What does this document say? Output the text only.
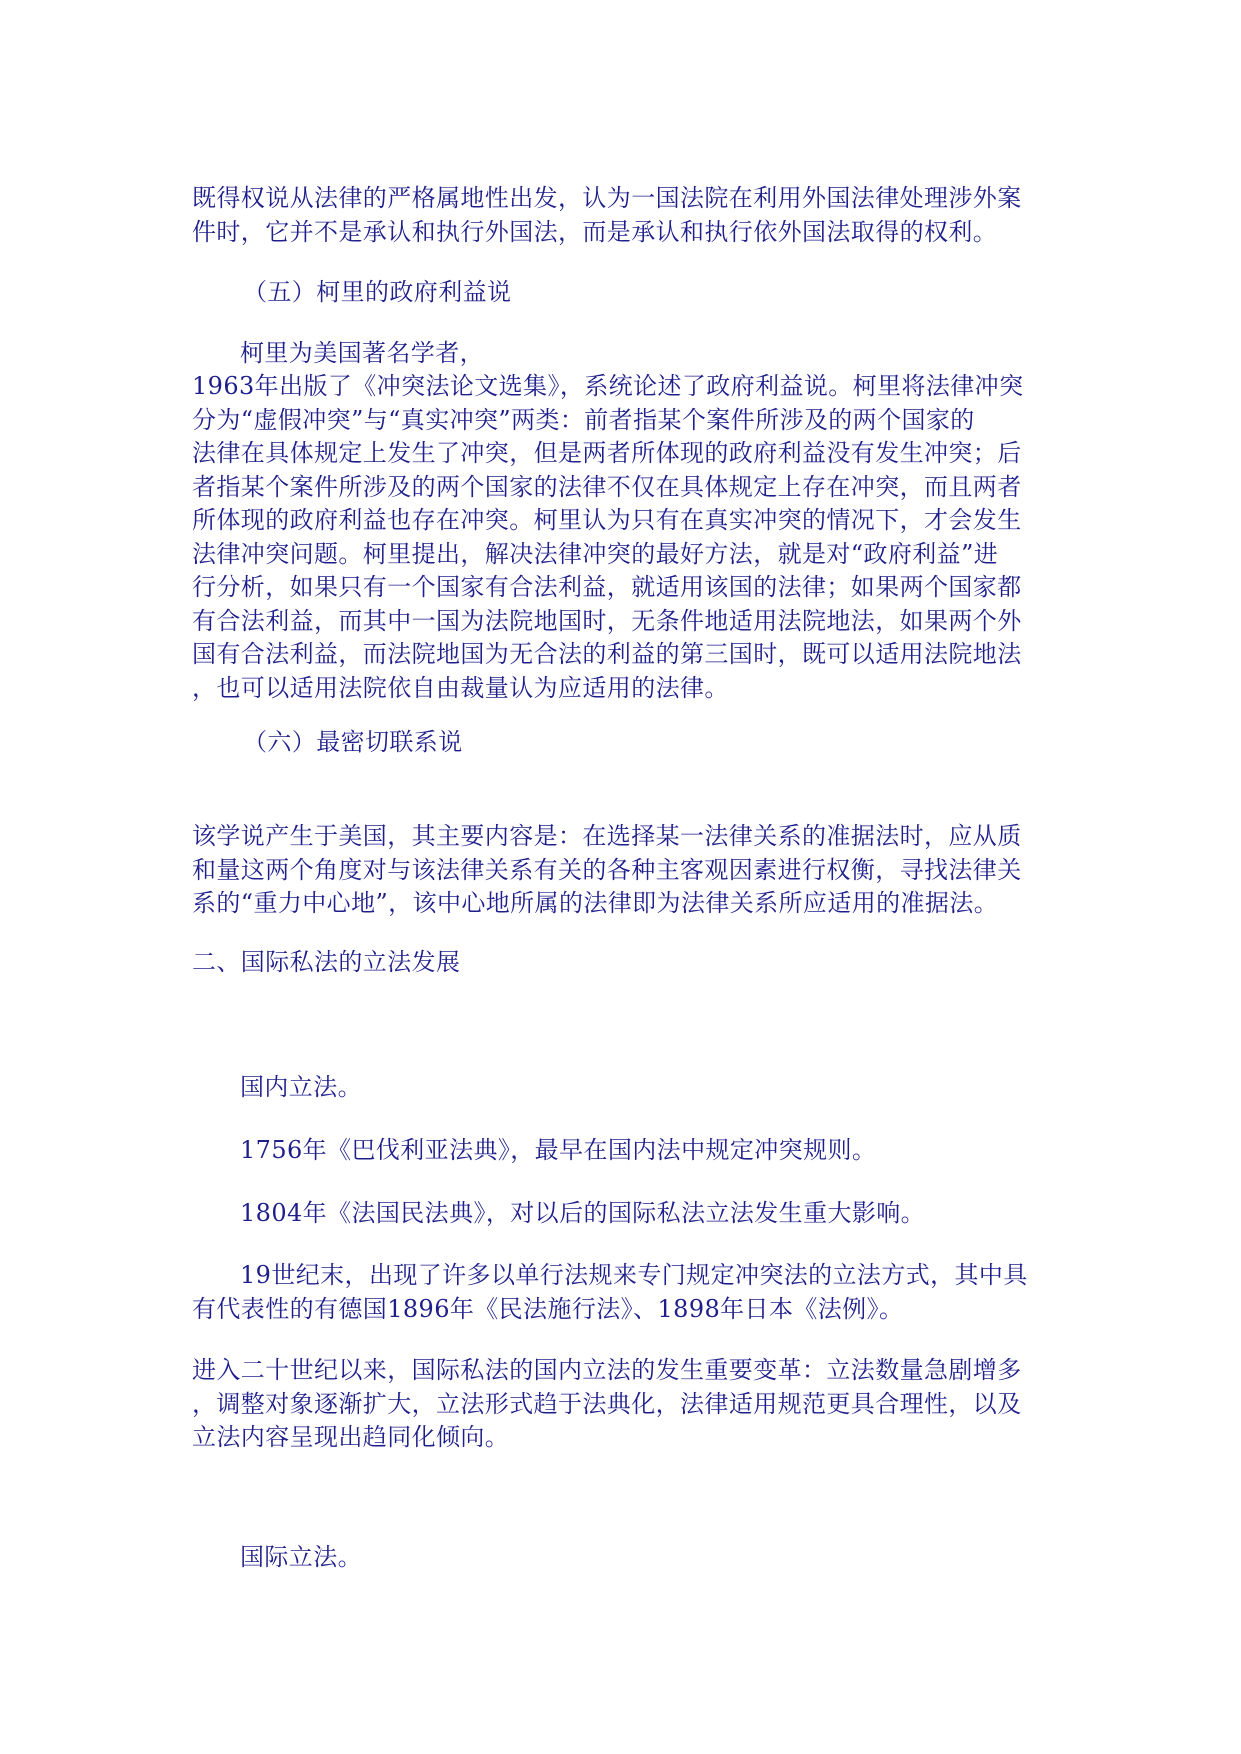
既得权说从法律的严格属地性出发，认为一国法院在利用外国法律处理涉外案
件时，它并不是承认和执行外国法，而是承认和执行依外国法取得的权利。
（五）柯里的政府利益说
柯里为美国著名学者，
1963年出版了《冲突法论文选集》，系统论述了政府利益说。柯里将法律冲突
分为“虚假冲突”与“真实冲突”两类：前者指某个案件所涉及的两个国家的
法律在具体规定上发生了冲突，但是两者所体现的政府利益没有发生冲突；后
者指某个案件所涉及的两个国家的法律不仅在具体规定上存在冲突，而且两者
所体现的政府利益也存在冲突。柯里认为只有在真实冲突的情况下，才会发生
法律冲突问题。柯里提出，解决法律冲突的最好方法，就是对“政府利益”进
行分析，如果只有一个国家有合法利益，就适用该国的法律；如果两个国家都
有合法利益，而其中一国为法院地国时，无条件地适用法院地法，如果两个外
国有合法利益，而法院地国为无合法的利益的第三国时，既可以适用法院地法
，也可以适用法院依自由裁量认为应适用的法律。
（六）最密切联系说
该学说产生于美国，其主要内容是：在选择某一法律关系的准据法时，应从质
和量这两个角度对与该法律关系有关的各种主客观因素进行权衡，寻找法律关
系的“重力中心地”，该中心地所属的法律即为法律关系所应适用的准据法。
二、国际私法的立法发展
国内立法。
1756年《巴伐利亚法典》，最早在国内法中规定冲突规则。
1804年《法国民法典》，对以后的国际私法立法发生重大影响。
19世纪末，出现了许多以单行法规来专门规定冲突法的立法方式，其中具
有代表性的有德国1896年《民法施行法》、1898年日本《法例》。
进入二十世纪以来，国际私法的国内立法的发生重要变革：立法数量急剧增多
，调整对象逐渐扩大，立法形式趋于法典化，法律适用规范更具合理性，以及
立法内容呈现出趋同化倾向。
国际立法。
